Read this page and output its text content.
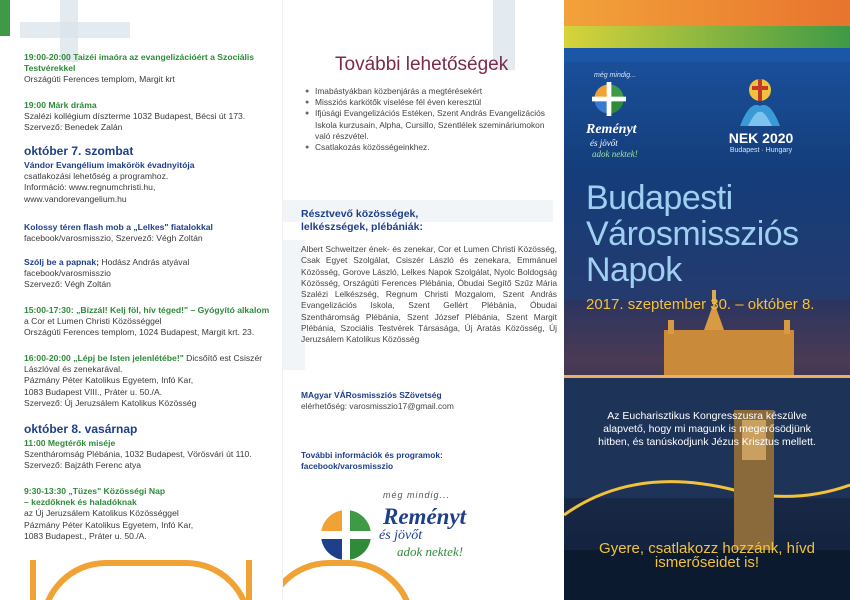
19:00-20:00 Taizéi imaóra az evangelizációért a Szociális Testvérekkel
Országúti Ferences templom, Margit krt
19:00 Márk dráma
Szalézi kollégium dísztermе 1032 Budapest, Bécsi út 173.
Szervező: Benedek Zalán
október 7. szombat
Vándor Evangélium imakörök évadnyitója
csatlakozási lehetőség a programhoz.
Információ: www.regnumchristi.hu,
www.vandorevangelium.hu
Kolossy téren flash mob a „Lelkes" fiatalokkal
facebook/varosmisszio, Szervező: Végh Zoltán
Szólj be a papnak; Hodász András atyával
facebook/varosmisszio
Szervező: Végh Zoltán
15:00-17:30: „Bízzál! Kelj föl, hív téged!" – Gyógyító alkalom
a Cor et Lumen Christi Közösséggel
Országúti Ferences templom, 1024 Budapest, Margit krt. 23.
16:00-20:00 „Lépj be Isten jelenlétébe!" Dicsőítő est Csiszér Lászlóval és zenekarával.
Pázmány Péter Katolikus Egyetem, Infó Kar,
1083 Budapest VIII., Práter u. 50./A.
Szervező: Új Jeruzsálem Katolikus Közösség
október 8. vasárnap
11:00 Megtérők miséje
Szentháromság Plébánia, 1032 Budapest, Vörösvári út 110.
Szervező: Bajzáth Ferenc atya
9:30-13:30 „Tüzes" Közösségi Nap
– kezdőknek és haladóknak
az Új Jeruzsálem Katolikus Közösséggel
Pázmány Péter Katolikus Egyetem, Infó Kar,
1083 Budapest., Práter u. 50./A.
További lehetőségek
● Imabástyákban közbenjárás a megtérésekért
● Missziós karkötők viselése fél éven keresztül
● Ifjúsági Evangelizációs Estéken, Szent András Evangelizációs Iskola kurzusain, Alpha, Cursillo, Szentlélek szemináriumokon való részvétel.
● Csatlakozás közösségeinkhez.
Résztvevő közösségek, lelkészségek, plébániák:
Albert Schweitzer ének- és zenekar, Cor et Lumen Christi Közösség, Csak Egyet Szolgálat, Csiszér László és zenekara, Emmánuel Közösség, Gorove László, Lelkes Napok Szolgálat, Nyolc Boldogság Közösség, Országúti Ferences Plébánia, Óbudai Segítő Szűz Mária Szalézi Lelkészség, Regnum Christi Mozgalom, Szent András Evangelizációs Iskola, Szent Gellért Plébánia, Óbudai Szentháromság Plébánia, Szent József Plébánia, Szent Margit Plébánia, Szociális Testvérek Társasága, Új Aratás Közösség, Új Jeruzsálem Katolikus Közösség
MAgyar VÁRosmissziós SZövetség
elérhetőség: varosmisszio17@gmail.com
További információk és programok:
facebook/varosmisszio
még mindig...
Reményt
és jövőt
adok nektek!
még mindig...
Reményt
és jövőt
adok nektek!
NEK 2020
Budapest · Hungary
Budapesti
Városmissziós
Napok
2017. szeptember 30. – október 8.
Az Eucharisztikus Kongresszusra készülve alapvető, hogy mi magunk is megerősödjünk hitben, és tanúskodjunk Jézus Krisztus mellett.
Gyere, csatlakozz hozzánk, hívd ismerőseidet is!
